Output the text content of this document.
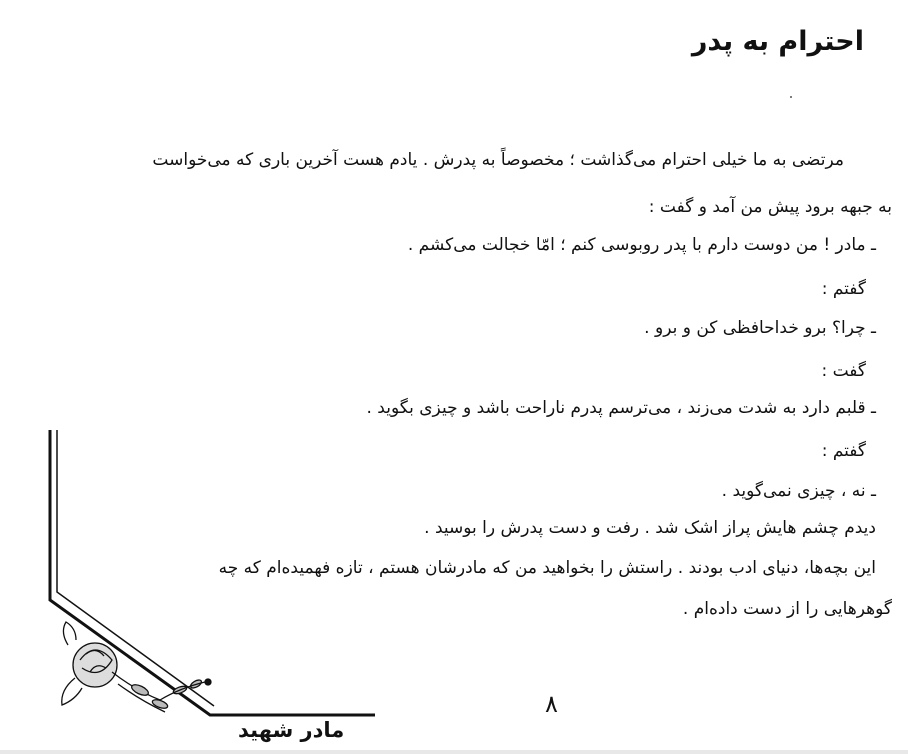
احترام به پدر
مرتضی به ما خیلی احترام می‌گذاشت ؛ مخصوصاً به پدرش . یادم هست آخرین باری که می‌خواست
به جبهه برود پیش من آمد و گفت :
ـ مادر ! من دوست دارم با پدر روبوسی کنم ؛ امّا خجالت می‌کشم .
گفتم :
ـ چرا؟ برو خداحافظی کن و برو .
گفت :
ـ قلبم دارد به شدت می‌زند ، می‌ترسم پدرم ناراحت باشد و چیزی بگوید .
گفتم :
ـ نه ، چیزی نمی‌گوید .
دیدم چشم هایش پراز اشک شد . رفت و دست پدرش را بوسید .
این بچه‌ها، دنیای ادب بودند . راستش را بخواهید من که مادرشان هستم ، تازه فهمیده‌ام که چه
گوهرهایی را از دست داده‌ام .
۸
مادر شهید
